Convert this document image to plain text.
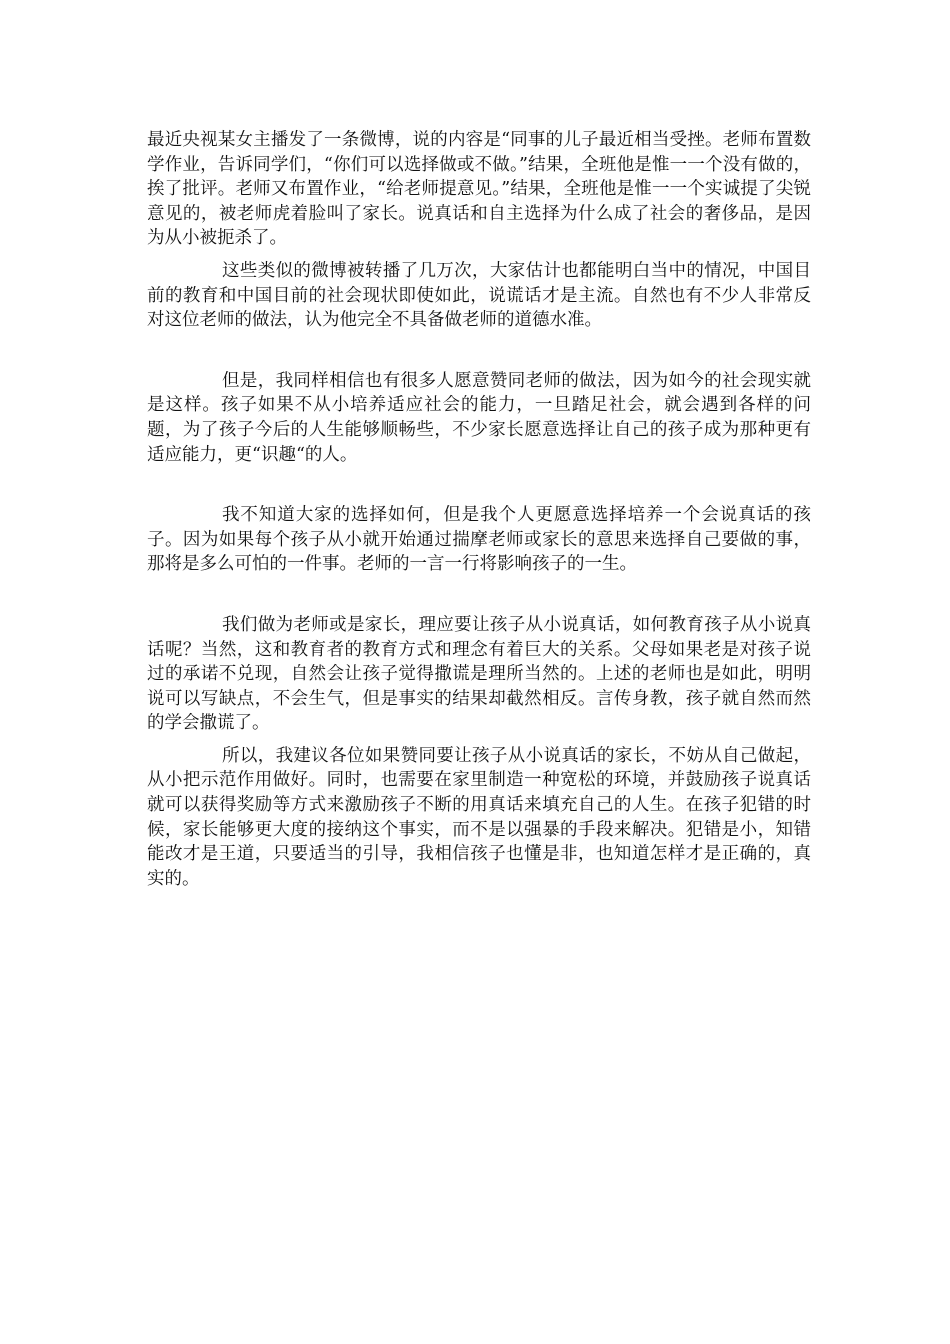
最近央视某女主播发了一条微博，说的内容是“同事的儿子最近相当受挫。老师布置数学作业，告诉同学们，“你们可以选择做或不做。”结果，全班他是惟一一个没有做的，挨了批评。老师又布置作业，“给老师提意见。”结果，全班他是惟一一个实诚提了尖锐意见的，被老师虎着脸叫了家长。说真话和自主选择为什么成了社会的奢侈品，是因为从小被扼杀了。

这些类似的微博被转播了几万次，大家估计也都能明白当中的情况，中国目前的教育和中国目前的社会现状即使如此，说谎话才是主流。自然也有不少人非常反对这位老师的做法，认为他完全不具备做老师的道德水准。

但是，我同样相信也有很多人愿意赞同老师的做法，因为如今的社会现实就是这样。孩子如果不从小培养适应社会的能力，一旦踏足社会，就会遇到各样的问题，为了孩子今后的人生能够顺畅些，不少家长愿意选择让自己的孩子成为那种更有适应能力，更“识趣“的人。

我不知道大家的选择如何，但是我个人更愿意选择培养一个会说真话的孩子。因为如果每个孩子从小就开始通过揣摩老师或家长的意思来选择自己要做的事，那将是多么可怕的一件事。老师的一言一行将影响孩子的一生。

我们做为老师或是家长，理应要让孩子从小说真话，如何教育孩子从小说真话呢？当然，这和教育者的教育方式和理念有着巨大的关系。父母如果老是对孩子说过的承诺不兑现，自然会让孩子觉得撒谎是理所当然的。上述的老师也是如此，明明说可以写缺点，不会生气，但是事实的结果却截然相反。言传身教，孩子就自然而然的学会撒谎了。

所以，我建议各位如果赞同要让孩子从小说真话的家长，不妨从自己做起，从小把示范作用做好。同时，也需要在家里制造一种宽松的环境，并鼓励孩子说真话就可以获得奖励等方式来激励孩子不断的用真话来填充自己的人生。在孩子犯错的时候，家长能够更大度的接纳这个事实，而不是以强暴的手段来解决。犯错是小，知错能改才是王道，只要适当的引导，我相信孩子也懂是非，也知道怎样才是正确的，真实的。
